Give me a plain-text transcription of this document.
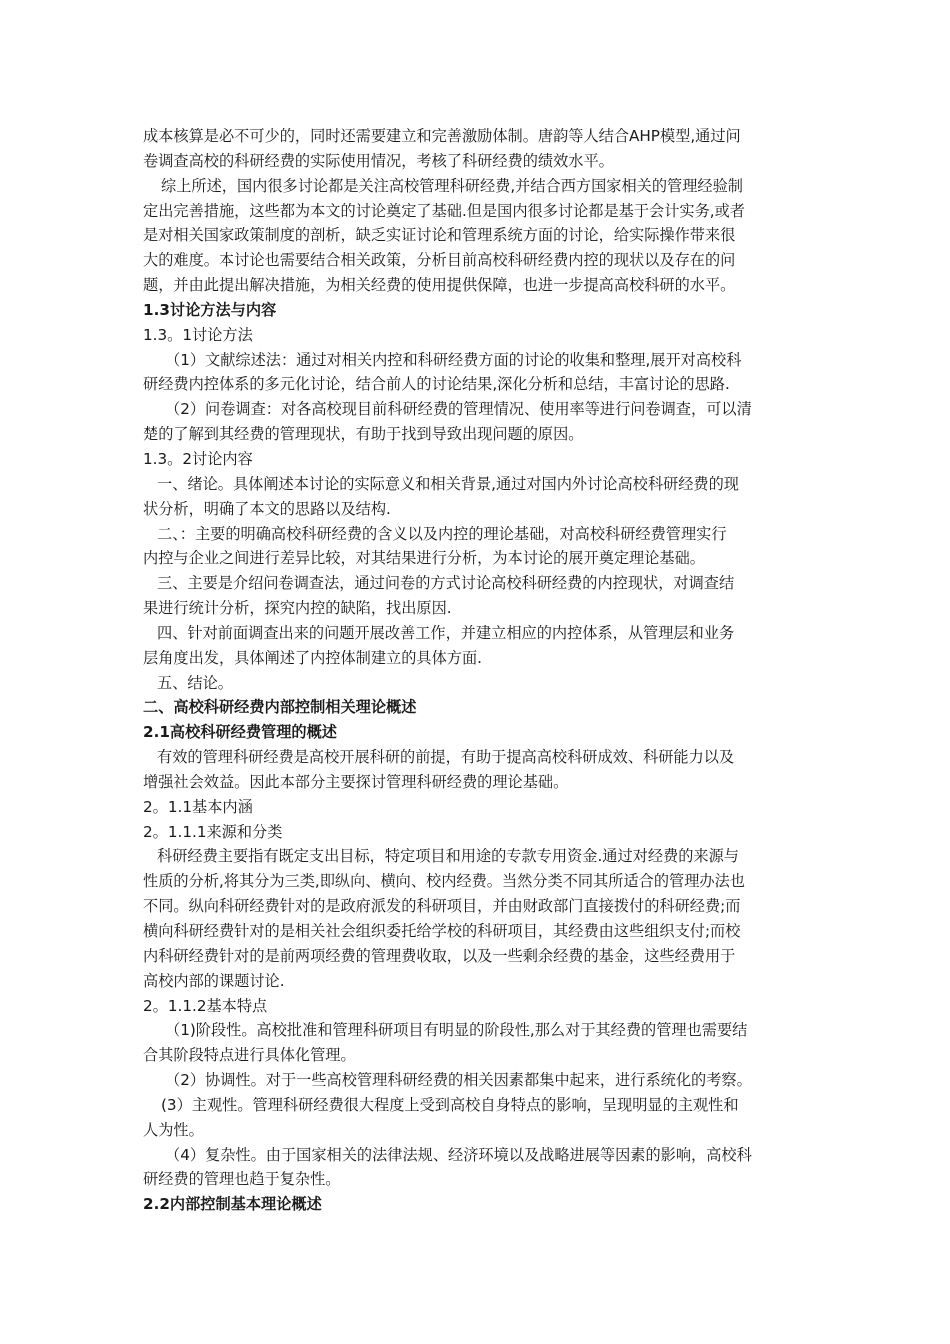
成本核算是必不可少的，同时还需要建立和完善激励体制。唐韵等人结合AHP模型,通过问
卷调查高校的科研经费的实际使用情况，考核了科研经费的绩效水平。
综上所述，国内很多讨论都是关注高校管理科研经费,并结合西方国家相关的管理经验制
定出完善措施，这些都为本文的讨论奠定了基础.但是国内很多讨论都是基于会计实务,或者
是对相关国家政策制度的剖析，缺乏实证讨论和管理系统方面的讨论，给实际操作带来很
大的难度。本讨论也需要结合相关政策，分析目前高校科研经费内控的现状以及存在的问
题，并由此提出解决措施，为相关经费的使用提供保障，也进一步提高高校科研的水平。
1.3讨论方法与内容
1.3。1讨论方法
（1）文献综述法：通过对相关内控和科研经费方面的讨论的收集和整理,展开对高校科
研经费内控体系的多元化讨论，结合前人的讨论结果,深化分析和总结，丰富讨论的思路.
（2）问卷调查：对各高校现目前科研经费的管理情况、使用率等进行问卷调查，可以清
楚的了解到其经费的管理现状，有助于找到导致出现问题的原因。
1.3。2讨论内容
一、绪论。具体阐述本讨论的实际意义和相关背景,通过对国内外讨论高校科研经费的现
状分析，明确了本文的思路以及结构.
二、：主要的明确高校科研经费的含义以及内控的理论基础，对高校科研经费管理实行
内控与企业之间进行差异比较，对其结果进行分析，为本讨论的展开奠定理论基础。
三、主要是介绍问卷调查法，通过问卷的方式讨论高校科研经费的内控现状，对调查结
果进行统计分析，探究内控的缺陷，找出原因.
四、针对前面调查出来的问题开展改善工作，并建立相应的内控体系，从管理层和业务
层角度出发，具体阐述了内控体制建立的具体方面.
五、结论。
二、高校科研经费内部控制相关理论概述
2.1高校科研经费管理的概述
有效的管理科研经费是高校开展科研的前提，有助于提高高校科研成效、科研能力以及
增强社会效益。因此本部分主要探讨管理科研经费的理论基础。
2。1.1基本内涵
2。1.1.1来源和分类
科研经费主要指有既定支出目标，特定项目和用途的专款专用资金.通过对经费的来源与
性质的分析,将其分为三类,即纵向、横向、校内经费。当然分类不同其所适合的管理办法也
不同。纵向科研经费针对的是政府派发的科研项目，并由财政部门直接拨付的科研经费;而
横向科研经费针对的是相关社会组织委托给学校的科研项目，其经费由这些组织支付;而校
内科研经费针对的是前两项经费的管理费收取，以及一些剩余经费的基金，这些经费用于
高校内部的课题讨论.
2。1.1.2基本特点
（1)阶段性。高校批准和管理科研项目有明显的阶段性,那么对于其经费的管理也需要结
合其阶段特点进行具体化管理。
（2）协调性。对于一些高校管理科研经费的相关因素都集中起来，进行系统化的考察。
(3）主观性。管理科研经费很大程度上受到高校自身特点的影响，呈现明显的主观性和
人为性。
（4）复杂性。由于国家相关的法律法规、经济环境以及战略进展等因素的影响，高校科
研经费的管理也趋于复杂性。
2.2内部控制基本理论概述
